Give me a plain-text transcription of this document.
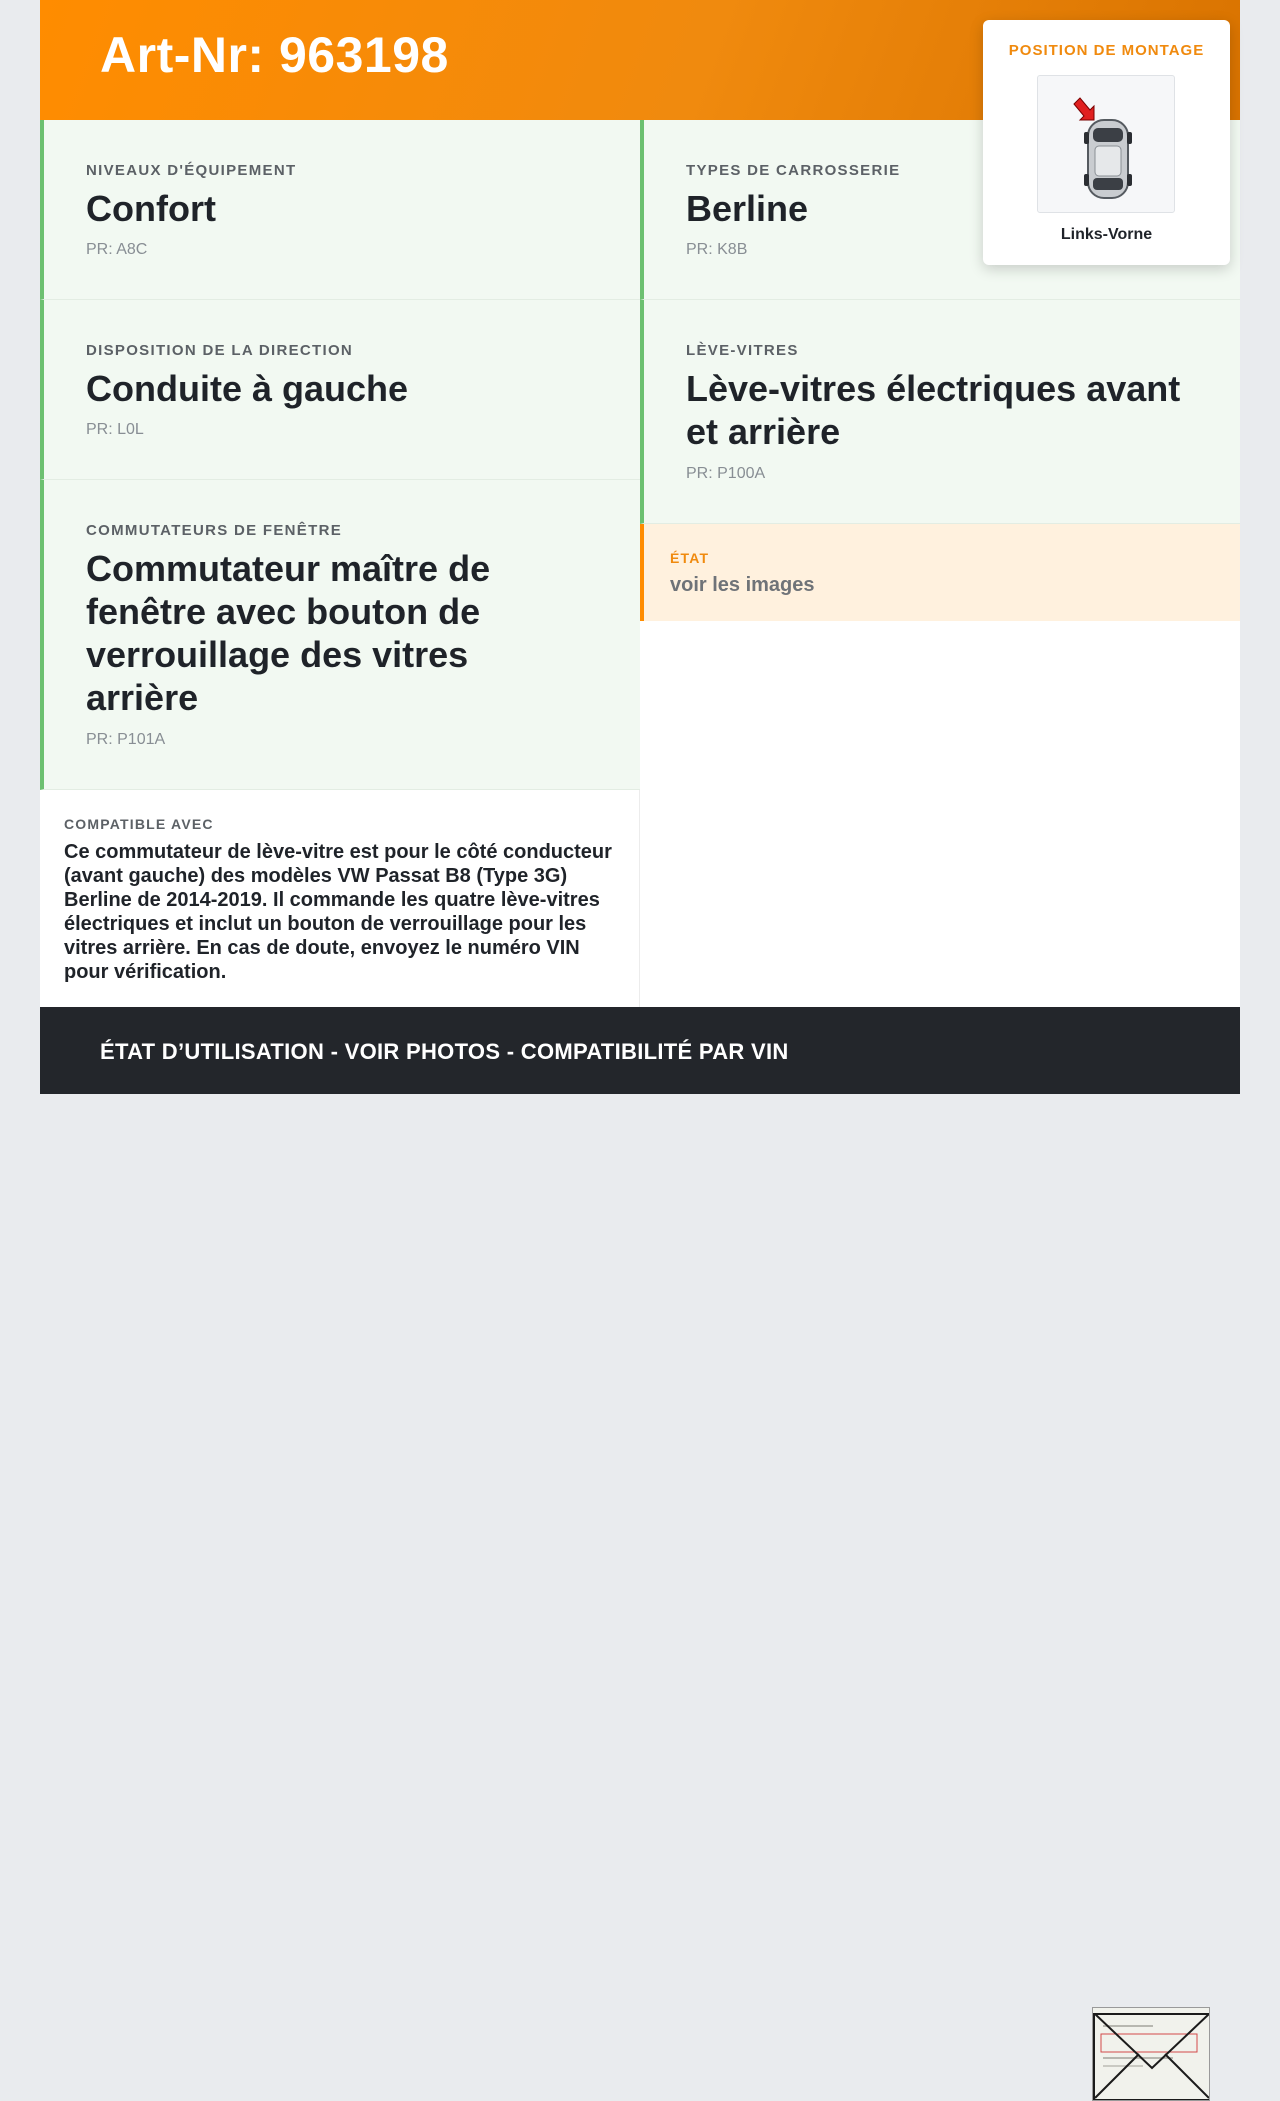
Art-Nr: 963198
NIVEAUX D'ÉQUIPEMENT
Confort
PR: A8C
TYPES DE CARROSSERIE
Berline
PR: K8B
DISPOSITION DE LA DIRECTION
Conduite à gauche
PR: L0L
LÈVE-VITRES
Lève-vitres électriques avant et arrière
PR: P100A
COMMUTATEURS DE FENÊTRE
Commutateur maître de fenêtre avec bouton de verrouillage des vitres arrière
PR: P101A
ÉTAT
voir les images
COMPATIBLE AVEC
Ce commutateur de lève-vitre est pour le côté conducteur (avant gauche) des modèles VW Passat B8 (Type 3G) Berline de 2014-2019. Il commande les quatre lève-vitres électriques et inclut un bouton de verrouillage pour les vitres arrière. En cas de doute, envoyez le numéro VIN pour vérification.
ÉTAT D’UTILISATION - VOIR PHOTOS - COMPATIBILITÉ PAR VIN
POSITION DE MONTAGE
Links-Vorne
